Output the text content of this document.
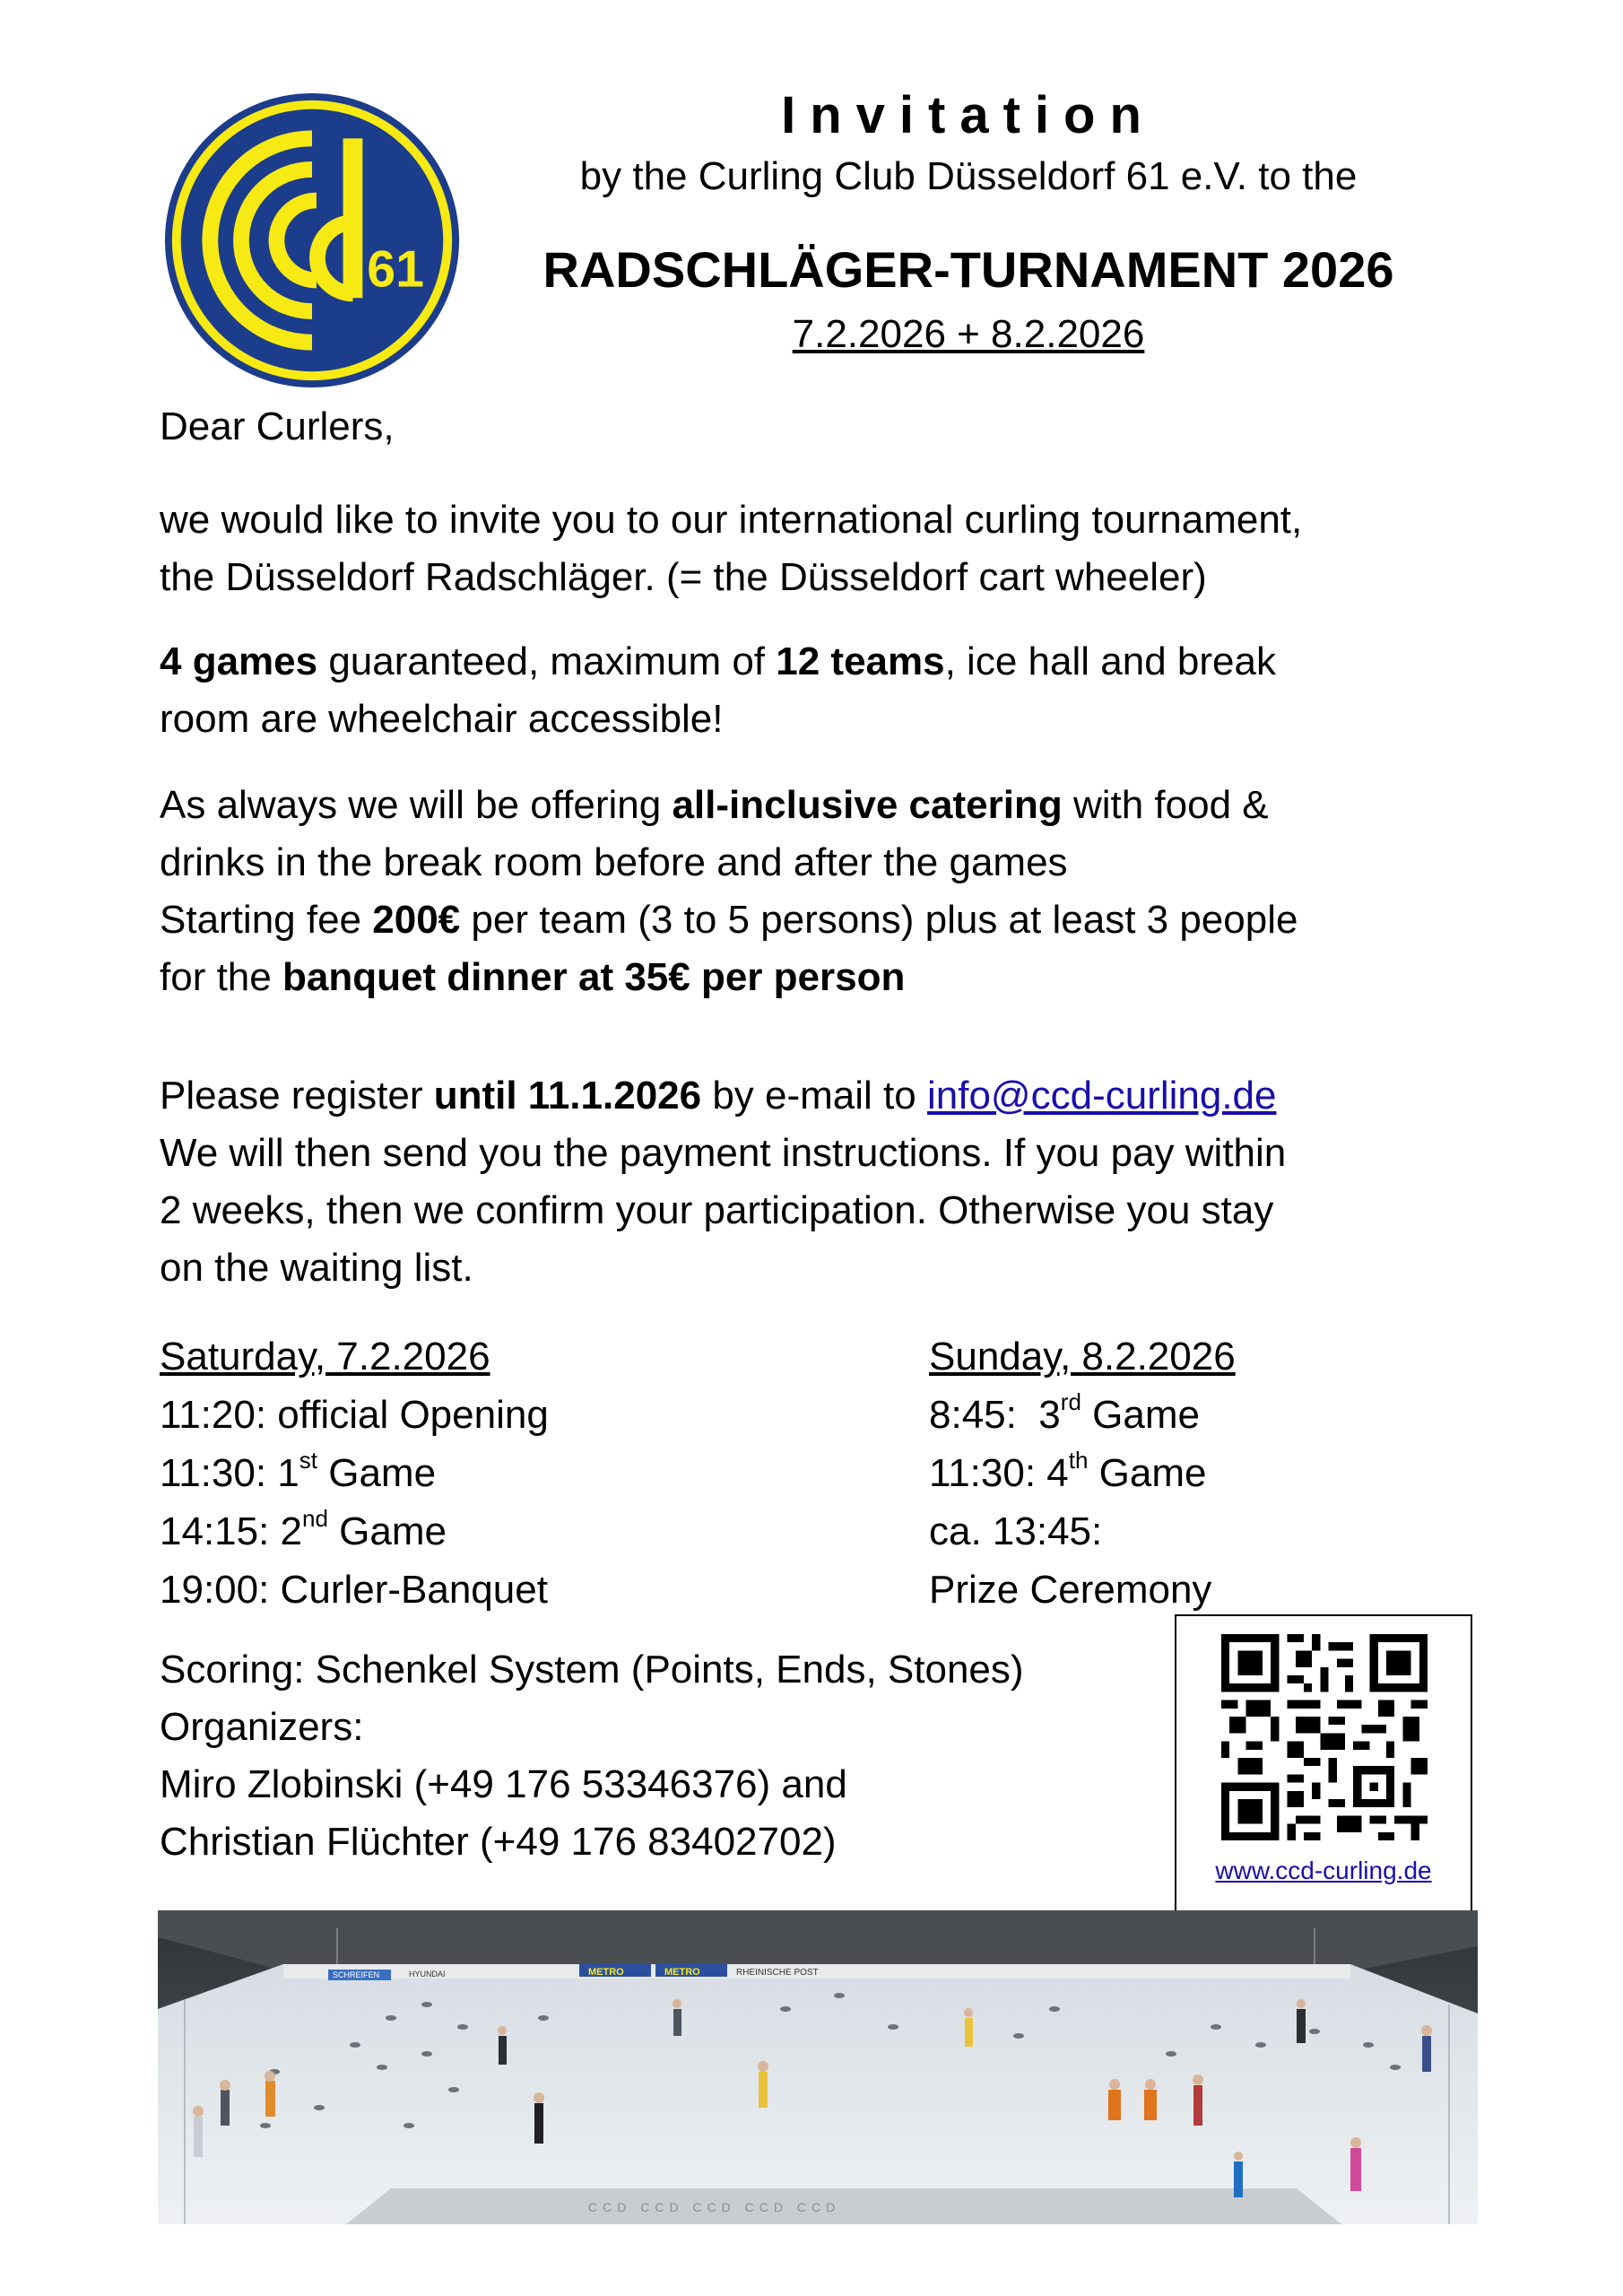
61
Invitation
by the Curling Club Düsseldorf 61 e.V. to the
RADSCHLÄGER-TURNAMENT 2026
7.2.2026 + 8.2.2026
Dear Curlers,
we would like to invite you to our international curling tournament,
the Düsseldorf Radschläger. (= the Düsseldorf cart wheeler)
4 games guaranteed, maximum of 12 teams, ice hall and break
room are wheelchair accessible!
As always we will be offering all-inclusive catering with food &
drinks in the break room before and after the games
Starting fee 200€ per team (3 to 5 persons) plus at least 3 people
for the banquet dinner at 35€ per person
Please register until 11.1.2026 by e-mail to info@ccd-curling.de
We will then send you the payment instructions. If you pay within
2 weeks, then we confirm your participation. Otherwise you stay
on the waiting list.
Saturday, 7.2.2026
11:20: official Opening
11:30: 1st Game
14:15: 2nd Game
19:00: Curler-Banquet
Sunday, 8.2.2026
8:45:  3rd Game
11:30: 4th Game
ca. 13:45:
Prize Ceremony
Scoring: Schenkel System (Points, Ends, Stones)
Organizers:
Miro Zlobinski (+49 176 53346376) and
Christian Flüchter (+49 176 83402702)
www.ccd-curling.de
METRO	METRO	RHEINISCHE POST
SCHREIFEN	HYUNDAI
CCD CCD CCD CCD CCD
